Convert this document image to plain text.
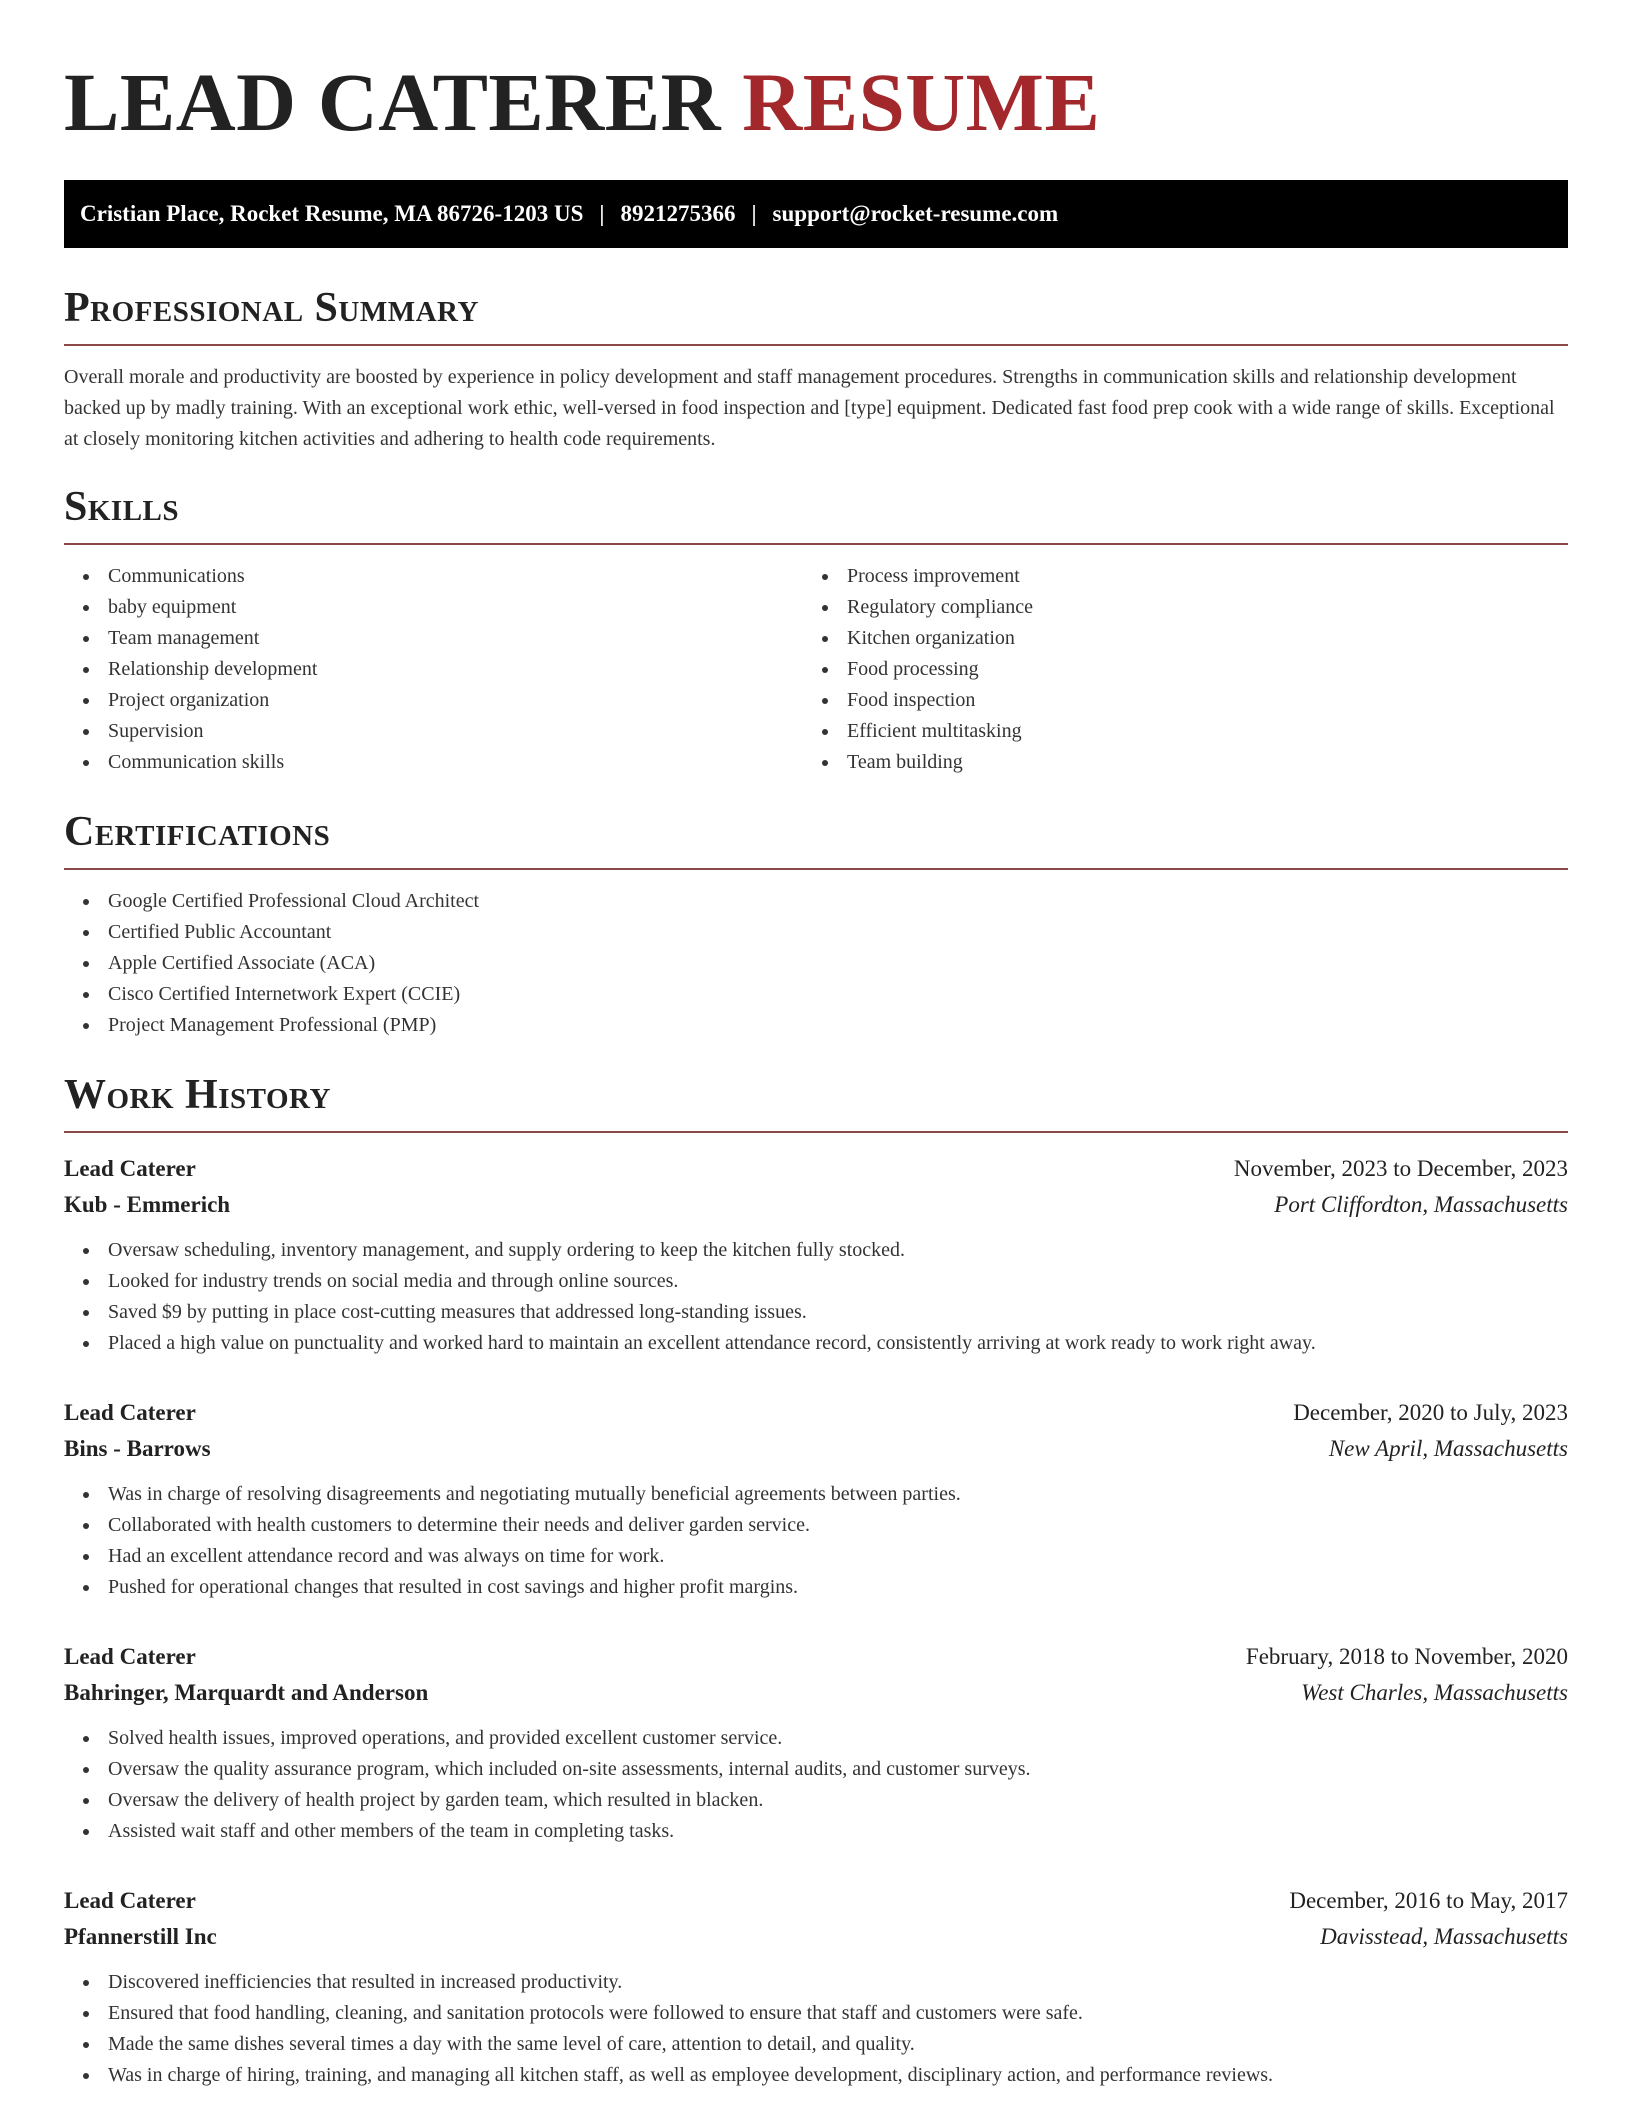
LEAD CATERER RESUME
Cristian Place, Rocket Resume, MA 86726-1203 US | 8921275366 | support@rocket-resume.com
Professional Summary

Overall morale and productivity are boosted by experience in policy development and staff management procedures. Strengths in communication skills and relationship development backed up by madly training. With an exceptional work ethic, well-versed in food inspection and [type] equipment. Dedicated fast food prep cook with a wide range of skills. Exceptional at closely monitoring kitchen activities and adhering to health code requirements.

Skills
Communications
baby equipment
Team management
Relationship development
Project organization
Supervision
Communication skills
Process improvement
Regulatory compliance
Kitchen organization
Food processing
Food inspection
Efficient multitasking
Team building
Certifications
Google Certified Professional Cloud Architect
Certified Public Accountant
Apple Certified Associate (ACA)
Cisco Certified Internetwork Expert (CCIE)
Project Management Professional (PMP)
Work History
Lead Caterer	November, 2023 to December, 2023
Kub - Emmerich	Port Cliffordton, Massachusetts
Oversaw scheduling, inventory management, and supply ordering to keep the kitchen fully stocked.
Looked for industry trends on social media and through online sources.
Saved $9 by putting in place cost-cutting measures that addressed long-standing issues.
Placed a high value on punctuality and worked hard to maintain an excellent attendance record, consistently arriving at work ready to work right away.
Lead Caterer	December, 2020 to July, 2023
Bins - Barrows	New April, Massachusetts
Was in charge of resolving disagreements and negotiating mutually beneficial agreements between parties.
Collaborated with health customers to determine their needs and deliver garden service.
Had an excellent attendance record and was always on time for work.
Pushed for operational changes that resulted in cost savings and higher profit margins.
Lead Caterer	February, 2018 to November, 2020
Bahringer, Marquardt and Anderson	West Charles, Massachusetts
Solved health issues, improved operations, and provided excellent customer service.
Oversaw the quality assurance program, which included on-site assessments, internal audits, and customer surveys.
Oversaw the delivery of health project by garden team, which resulted in blacken.
Assisted wait staff and other members of the team in completing tasks.
Lead Caterer	December, 2016 to May, 2017
Pfannerstill Inc	Davisstead, Massachusetts
Discovered inefficiencies that resulted in increased productivity.
Ensured that food handling, cleaning, and sanitation protocols were followed to ensure that staff and customers were safe.
Made the same dishes several times a day with the same level of care, attention to detail, and quality.
Was in charge of hiring, training, and managing all kitchen staff, as well as employee development, disciplinary action, and performance reviews.
